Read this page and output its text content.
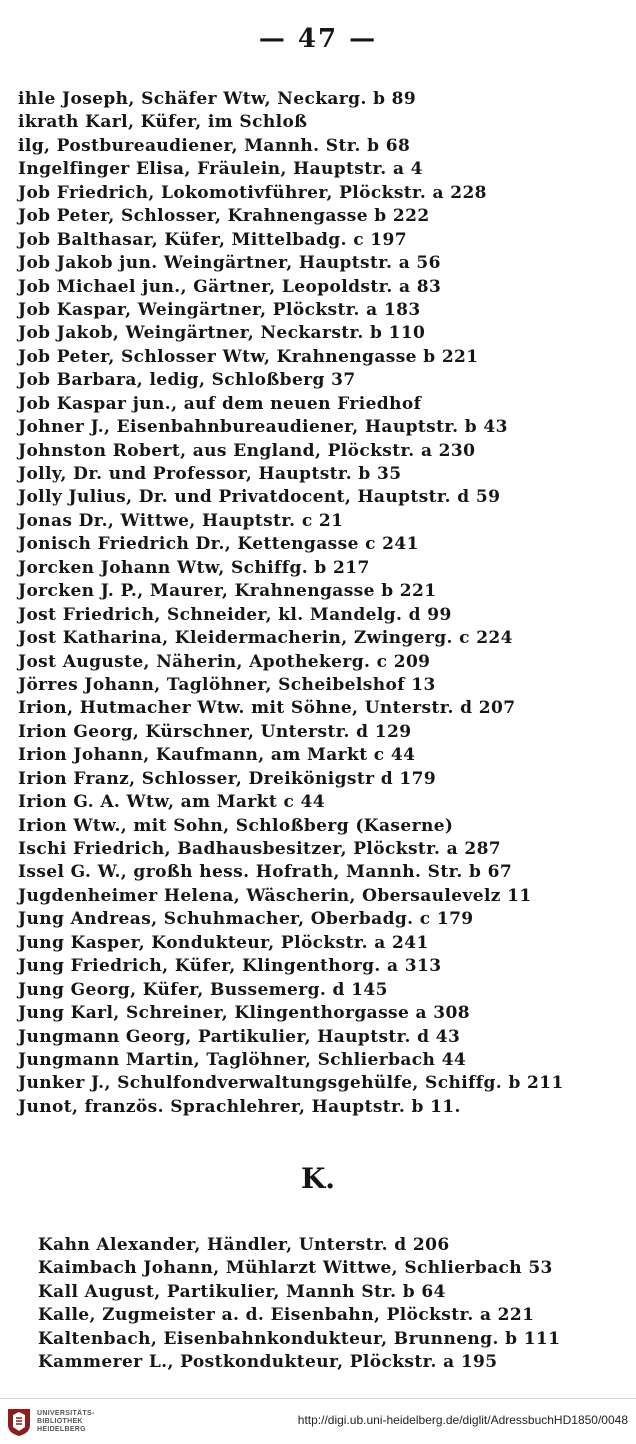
— 47 —
ihle Joseph, Schäfer Wtw, Neckarg. b 89
ikrath Karl, Küfer, im Schloß
ilg, Postbureaudiener, Mannh. Str. b 68
Ingelfinger Elisa, Fräulein, Hauptstr. a 4
Job Friedrich, Lokomotivführer, Plöckstr. a 228
Job Peter, Schlosser, Krahnengasse b 222
Job Balthasar, Küfer, Mittelbadg. c 197
Job Jakob jun. Weingärtner, Hauptstr. a 56
Job Michael jun., Gärtner, Leopoldstr. a 83
Job Kaspar, Weingärtner, Plöckstr. a 183
Job Jakob, Weingärtner, Neckarstr. b 110
Job Peter, Schlosser Wtw, Krahnengasse b 221
Job Barbara, ledig, Schloßberg 37
Job Kaspar jun., auf dem neuen Friedhof
Johner J., Eisenbahnbureaudiener, Hauptstr. b 43
Johnston Robert, aus England, Plöckstr. a 230
Jolly, Dr. und Professor, Hauptstr. b 35
Jolly Julius, Dr. und Privatdocent, Hauptstr. d 59
Jonas Dr., Wittwe, Hauptstr. c 21
Jonisch Friedrich Dr., Kettengasse c 241
Jorcken Johann Wtw, Schiffg. b 217
Jorcken J. P., Maurer, Krahnengasse b 221
Jost Friedrich, Schneider, kl. Mandelg. d 99
Jost Katharina, Kleidermacherin, Zwingerg. c 224
Jost Auguste, Näherin, Apothekerg. c 209
Jörres Johann, Taglöhner, Scheibelshof 13
Irion, Hutmacher Wtw. mit Söhne, Unterstr. d 207
Irion Georg, Kürschner, Unterstr. d 129
Irion Johann, Kaufmann, am Markt c 44
Irion Franz, Schlosser, Dreikönigstr d 179
Irion G. A. Wtw, am Markt c 44
Irion Wtw., mit Sohn, Schloßberg (Kaserne)
Ischi Friedrich, Badhausbesitzer, Plöckstr. a 287
Issel G. W., großh hess. Hofrath, Mannh. Str. b 67
Jugdenheimer Helena, Wäscherin, Obersaulevelz 11
Jung Andreas, Schuhmacher, Oberbadg. c 179
Jung Kasper, Kondukteur, Plöckstr. a 241
Jung Friedrich, Küfer, Klingenthorg. a 313
Jung Georg, Küfer, Bussemerg. d 145
Jung Karl, Schreiner, Klingenthorgasse a 308
Jungmann Georg, Partikulier, Hauptstr. d 43
Jungmann Martin, Taglöhner, Schlierbach 44
Junker J., Schulfondverwaltungsgehülfe, Schiffg. b 211
Junot, französ. Sprachlehrer, Hauptstr. b 11.
K.
Kahn Alexander, Händler, Unterstr. d 206
Kaimbach Johann, Mühlarzt Wittwe, Schlierbach 53
Kall August, Partikulier, Mannh Str. b 64
Kalle, Zugmeister a. d. Eisenbahn, Plöckstr. a 221
Kaltenbach, Eisenbahnkondukteur, Brunneng. b 111
Kammerer L., Postkondukteur, Plöckstr. a 195
UNIVERSITÄTS-
BIBLIOTHEK
HEIDELBERG
http://digi.ub.uni-heidelberg.de/diglit/AdressbuchHD1850/0048
